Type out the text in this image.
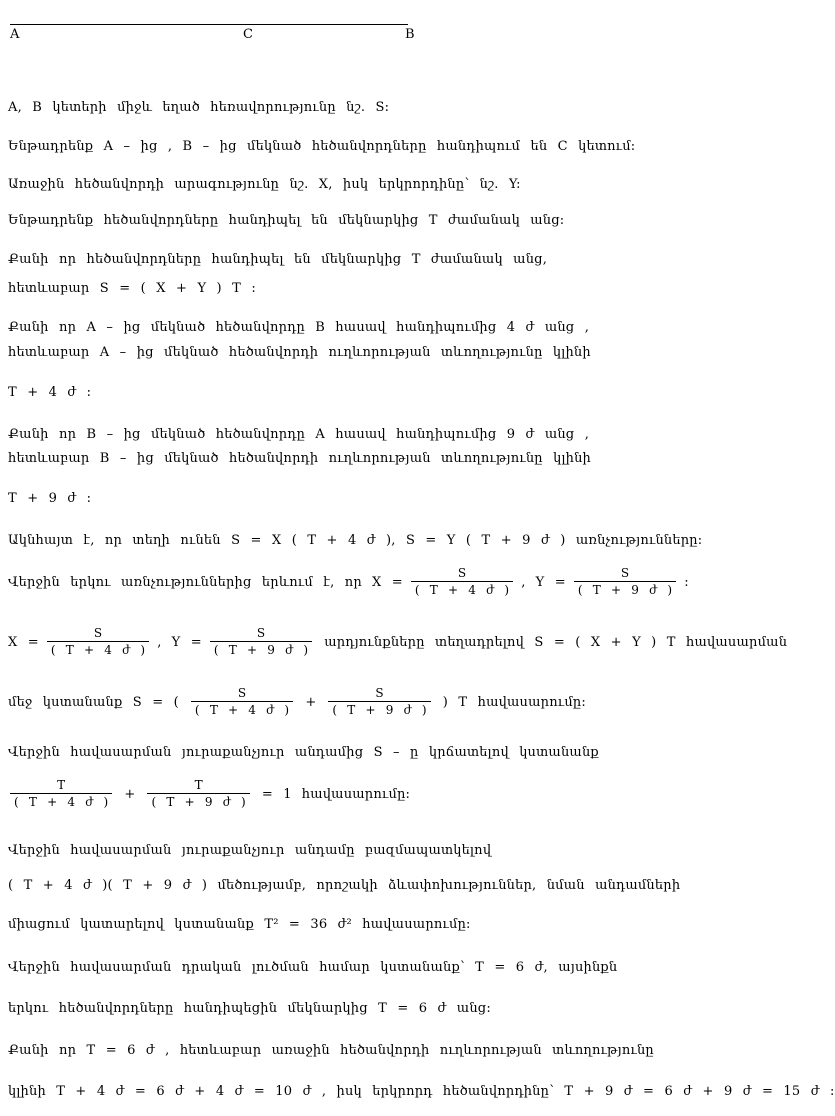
A	C	B
A, B կետերի միջև եղած հեռավորությունը նշ. S:
Ենթադրենք A – ից , B – ից մեկնած հեծանվորդները հանդիպում են C կետում:
Առաջին հեծանվորդի արագությունը նշ. X, իսկ երկրորդինը՝ նշ. Y:
Ենթադրենք հեծանվորդները հանդիպել են մեկնարկից T ժամանակ անց:
Քանի որ հեծանվորդները հանդիպել են մեկնարկից T ժամանակ անց,
հետևաբար S = ( X + Y ) T :
Քանի որ A – ից մեկնած հեծանվորդը B հասավ հանդիպումից 4 ժ անց ,
հետևաբար A – ից մեկնած հեծանվորդի ուղևորության տևողությունը կլինի
T + 4 ժ :
Քանի որ B – ից մեկնած հեծանվորդը A հասավ հանդիպումից 9 ժ անց ,
հետևաբար B – ից մեկնած հեծանվորդի ուղևորության տևողությունը կլինի
T + 9 ժ :
Ակնհայտ է, որ տեղի ունեն S = X ( T + 4 ժ ), S = Y ( T + 9 ժ ) առնչությունները:
Վերջին երկու առնչություններից երևում է, որ $X = \frac{S}{\text{( T + 4 ժ )}}$ , $Y = \frac{S}{\text{( T + 9 ժ )}}$ :
$X = \frac{S}{\text{( T + 4 ժ )}}$ , $Y = \frac{S}{\text{( T + 9 ժ )}}$ արդյունքները տեղադրելով S = ( X + Y ) T հավասարման
մեջ կստանանք S = ( $\frac{S}{\text{( T + 4 ժ )}} + \frac{S}{\text{( T + 9 ժ )}}$ ) T հավասարումը:
Վերջին հավասարման յուրաքանչյուր անդամից S – ը կրճատելով կստանանք
$\frac{T}{\text{( T + 4 ժ )}} + \frac{T}{\text{( T + 9 ժ )}} = 1$ հավասարումը:
Վերջին հավասարման յուրաքանչյուր անդամը բազմապատկելով
( T + 4 ժ )( T + 9 ժ ) մեծությամբ, որոշակի ձևափոխություններ, նման անդամների
միացում կատարելով կստանանք T² = 36 ժ² հավասարումը:
Վերջին հավասարման դրական լուծման համար կստանանք՝ T = 6 ժ, այսինքն
երկու հեծանվորդները հանդիպեցին մեկնարկից T = 6 ժ անց:
Քանի որ T = 6 ժ , հետևաբար առաջին հեծանվորդի ուղևորության տևողությունը
կլինի T + 4 ժ = 6 ժ + 4 ժ = 10 ժ , իսկ երկրորդ հեծանվորդինը՝ T + 9 ժ = 6 ժ + 9 ժ = 15 ժ :
